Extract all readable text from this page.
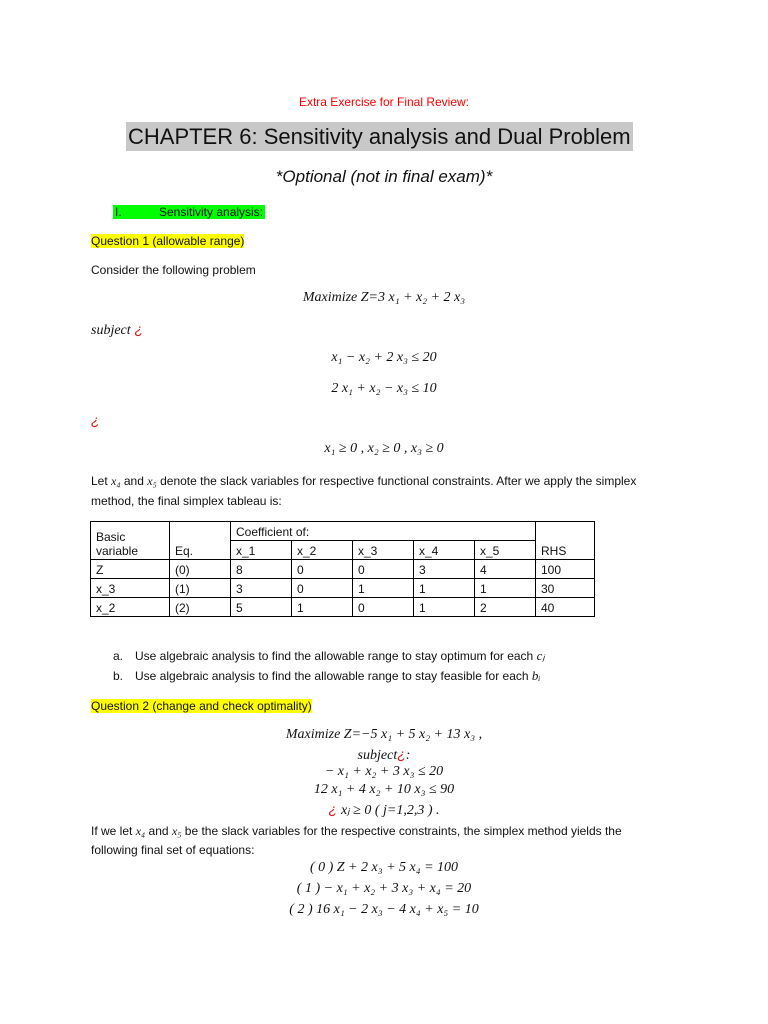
Extra Exercise for Final Review:
CHAPTER 6: Sensitivity analysis and Dual Problem
*Optional (not in final exam)*
I.	Sensitivity analysis:
Question 1 (allowable range)
Consider the following problem
Maximize Z=3 x₁ + x₂ + 2 x₃
subject ¿
x₁ − x₂ + 2 x₃ ≤ 20
2 x₁ + x₂ − x₃ ≤ 10
¿
x₁ ≥ 0 , x₂ ≥ 0 , x₃ ≥ 0
Let x₄ and x₅ denote the slack variables for respective functional constraints. After we apply the simplex
method, the final simplex tableau is:
Basic
variable	Eq.	Coefficient of:					RHS
		x_1	x_2	x_3	x_4	x_5	
Z	(0)	8	0	0	3	4	100
x_3	(1)	3	0	1	1	1	30
x_2	(2)	5	1	0	1	2	40
a. Use algebraic analysis to find the allowable range to stay optimum for each cⱼ
b. Use algebraic analysis to find the allowable range to stay feasible for each bᵢ
Question 2 (change and check optimality)
Maximize Z=−5 x₁ + 5 x₂ + 13 x₃ ,
subject¿:
− x₁ + x₂ + 3 x₃ ≤ 20
12 x₁ + 4 x₂ + 10 x₃ ≤ 90
¿ xⱼ ≥ 0 ( j=1,2,3 ) .
If we let x₄ and x₅ be the slack variables for the respective constraints, the simplex method yields the
following final set of equations:
( 0 ) Z + 2 x₃ + 5 x₄ = 100
( 1 ) − x₁ + x₂ + 3 x₃ + x₄ = 20
( 2 ) 16 x₁ − 2 x₃ − 4 x₄ + x₅ = 10
